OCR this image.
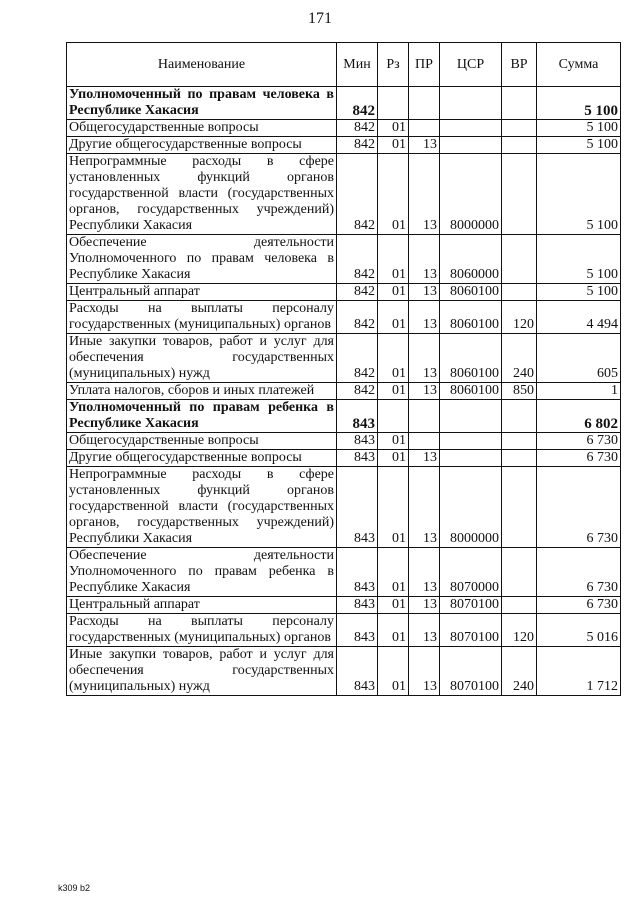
171
Наименование	Мин	Рз	ПР	ЦСР	ВР	Сумма
Уполномоченный по правам человека в Республике Хакасия	842					5 100
Общегосударственные вопросы	842	01				5 100
Другие общегосударственные вопросы	842	01	13			5 100
Непрограммные расходы в сфере установленных функций органов государственной власти (государственных органов, государственных учреждений) Республики Хакасия	842	01	13	8000000		5 100
Обеспечение деятельности Уполномоченного по правам человека в Республике Хакасия	842	01	13	8060000		5 100
Центральный аппарат	842	01	13	8060100		5 100
Расходы на выплаты персоналу государственных (муниципальных) органов	842	01	13	8060100	120	4 494
Иные закупки товаров, работ и услуг для обеспечения государственных (муниципальных) нужд	842	01	13	8060100	240	605
Уплата налогов, сборов и иных платежей	842	01	13	8060100	850	1
Уполномоченный по правам ребенка в Республике Хакасия	843					6 802
Общегосударственные вопросы	843	01				6 730
Другие общегосударственные вопросы	843	01	13			6 730
Непрограммные расходы в сфере установленных функций органов государственной власти (государственных органов, государственных учреждений) Республики Хакасия	843	01	13	8000000		6 730
Обеспечение деятельности Уполномоченного по правам ребенка в Республике Хакасия	843	01	13	8070000		6 730
Центральный аппарат	843	01	13	8070100		6 730
Расходы на выплаты персоналу государственных (муниципальных) органов	843	01	13	8070100	120	5 016
Иные закупки товаров, работ и услуг для обеспечения государственных (муниципальных) нужд	843	01	13	8070100	240	1 712
k309 b2
